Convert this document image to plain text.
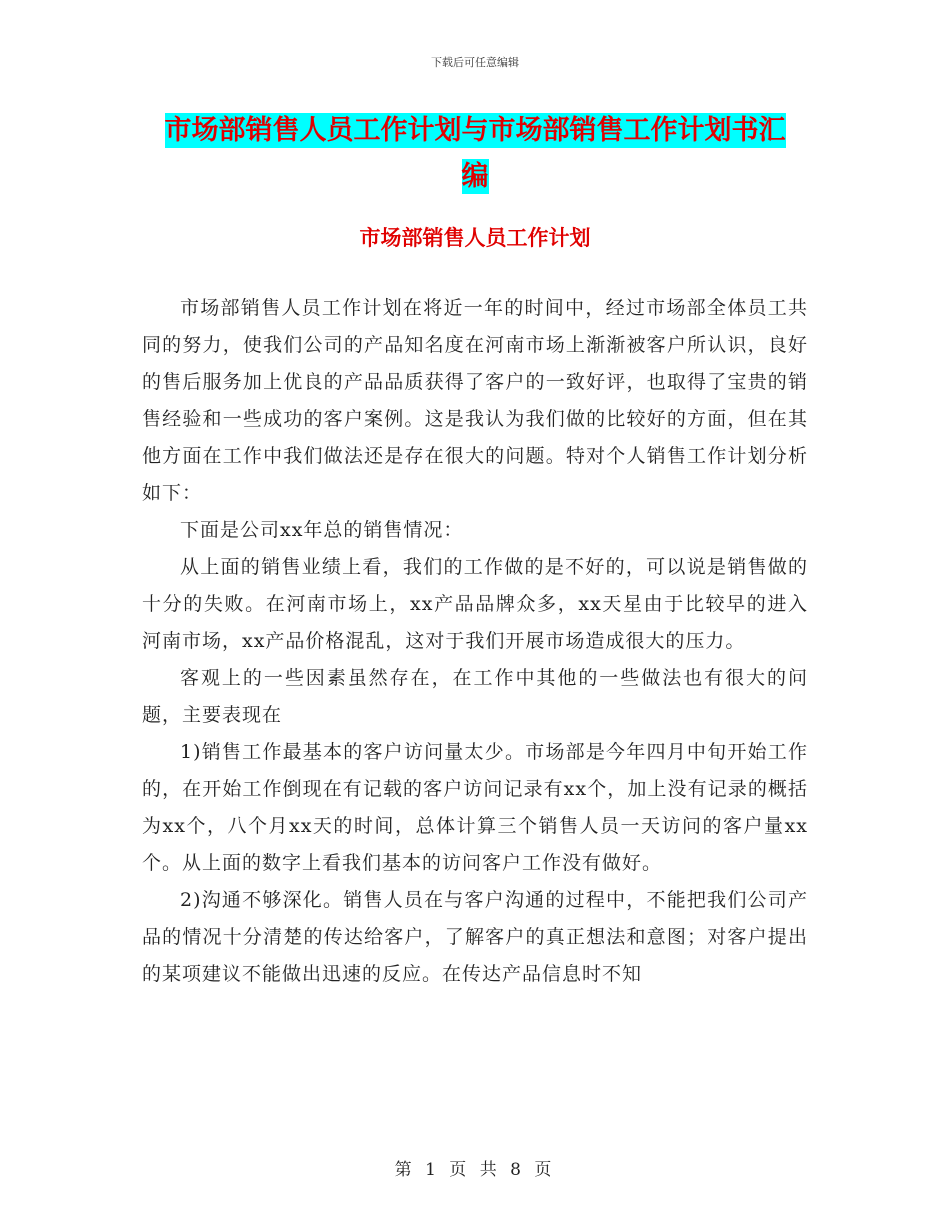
下载后可任意编辑
市场部销售人员工作计划与市场部销售工作计划书汇
编
市场部销售人员工作计划

市场部销售人员工作计划在将近一年的时间中，经过市场部全体员工共同的努力，使我们公司的产品知名度在河南市场上渐渐被客户所认识，良好的售后服务加上优良的产品品质获得了客户的一致好评，也取得了宝贵的销售经验和一些成功的客户案例。这是我认为我们做的比较好的方面，但在其他方面在工作中我们做法还是存在很大的问题。特对个人销售工作计划分析如下：

下面是公司xx年总的销售情况：

从上面的销售业绩上看，我们的工作做的是不好的，可以说是销售做的十分的失败。在河南市场上，xx产品品牌众多，xx天星由于比较早的进入河南市场，xx产品价格混乱，这对于我们开展市场造成很大的压力。

客观上的一些因素虽然存在，在工作中其他的一些做法也有很大的问题，主要表现在

1)销售工作最基本的客户访问量太少。市场部是今年四月中旬开始工作的，在开始工作倒现在有记载的客户访问记录有xx个，加上没有记录的概括为xx个，八个月xx天的时间，总体计算三个销售人员一天访问的客户量xx个。从上面的数字上看我们基本的访问客户工作没有做好。

2)沟通不够深化。销售人员在与客户沟通的过程中，不能把我们公司产品的情况十分清楚的传达给客户，了解客户的真正想法和意图；对客户提出的某项建议不能做出迅速的反应。在传达产品信息时不知

第 1 页 共 8 页
